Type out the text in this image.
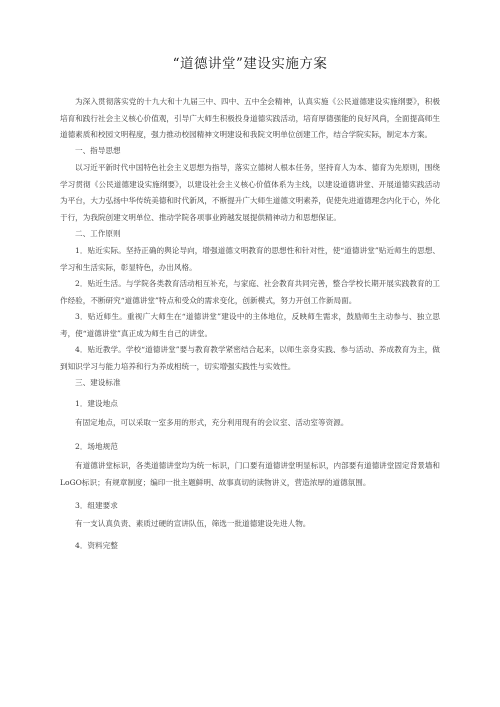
“道德讲堂”建设实施方案

为深入贯彻落实党的十九大和十九届三中、四中、五中全会精神，认真实施《公民道德建设实施纲要》，积极培育和践行社会主义核心价值观，引导广大师生积极投身道德实践活动，培育厚德强能的良好风尚，全面提高师生道德素质和校园文明程度，强力推动校园精神文明建设和我院文明单位创建工作，结合学院实际，制定本方案。

一、指导思想

以习近平新时代中国特色社会主义思想为指导，落实立德树人根本任务，坚持育人为本、德育为先原则，围绕学习贯彻《公民道德建设实施纲要》，以建设社会主义核心价值体系为主线，以建设道德讲堂、开展道德实践活动为平台，大力弘扬中华传统美德和时代新风，不断提升广大师生道德文明素养，促使先进道德理念内化于心，外化于行，为我院创建文明单位、推动学院各项事业跨越发展提供精神动力和思想保证。

二、工作原则

1．贴近实际。坚持正确的舆论导向，增强道德文明教育的思想性和针对性，使“道德讲堂”贴近师生的思想、学习和生活实际，彰显特色，办出风格。

2．贴近生活。与学院各类教育活动相互补充，与家庭、社会教育共同完善，整合学校长期开展实践教育的工作经验，不断研究“道德讲堂”特点和受众的需求变化，创新模式，努力开创工作新局面。

3．贴近师生。重视广大师生在“道德讲堂”建设中的主体地位，反映师生需求，鼓励师生主动参与、独立思考，使“道德讲堂”真正成为师生自己的讲堂。

4．贴近教学。学校“道德讲堂”要与教育教学紧密结合起来，以师生亲身实践、参与活动、养成教育为主，做到知识学习与能力培养和行为养成相统一，切实增强实践性与实效性。

三、建设标准

1．建设地点

有固定地点，可以采取一室多用的形式，充分利用现有的会议室、活动室等资源。

2．场地规范

有道德讲堂标识，各类道德讲堂均为统一标识，门口要有道德讲堂明显标识，内部要有道德讲堂固定背景墙和LoGO标识；有规章制度；编印一批主题鲜明、故事真切的读物讲义，营造浓厚的道德氛围。

3．组建要求

有一支认真负责、素质过硬的宣讲队伍，筛选一批道德建设先进人物。

4．资料完整
